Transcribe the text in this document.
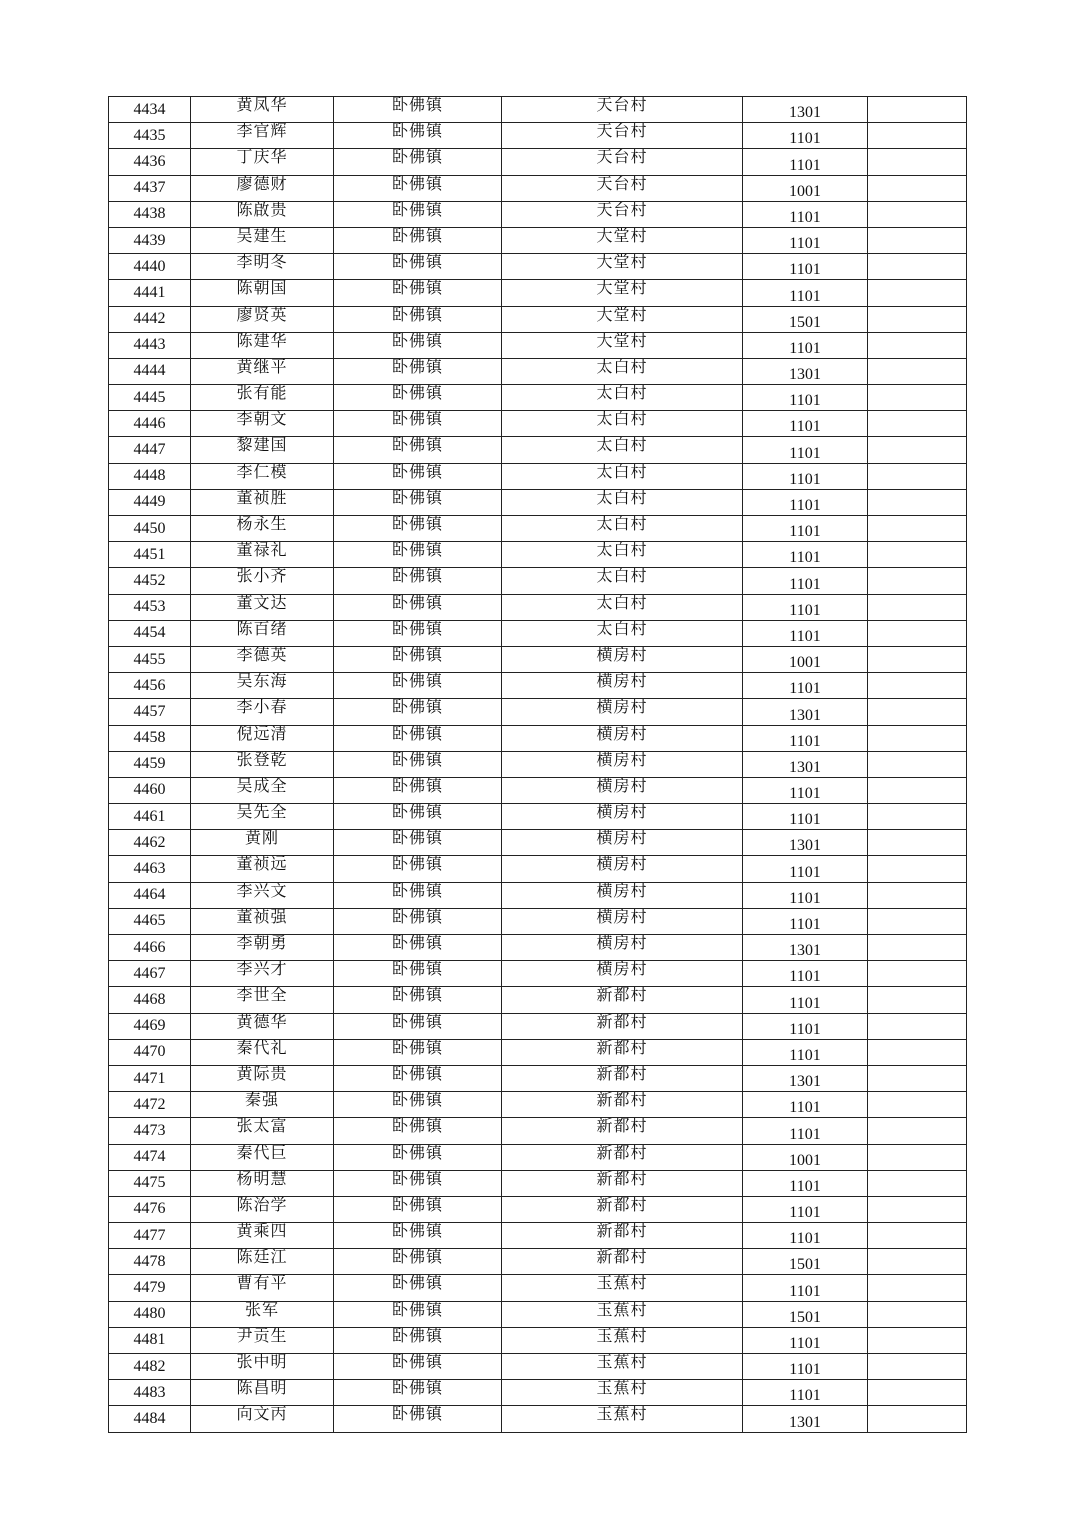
4434	黄凤华	卧佛镇	天台村	1301	
4435	李官辉	卧佛镇	天台村	1101	
4436	丁庆华	卧佛镇	天台村	1101	
4437	廖德财	卧佛镇	天台村	1001	
4438	陈啟贵	卧佛镇	天台村	1101	
4439	吴建生	卧佛镇	大堂村	1101	
4440	李明冬	卧佛镇	大堂村	1101	
4441	陈朝国	卧佛镇	大堂村	1101	
4442	廖贤英	卧佛镇	大堂村	1501	
4443	陈建华	卧佛镇	大堂村	1101	
4444	黄继平	卧佛镇	太白村	1301	
4445	张有能	卧佛镇	太白村	1101	
4446	李朝文	卧佛镇	太白村	1101	
4447	黎建国	卧佛镇	太白村	1101	
4448	李仁模	卧佛镇	太白村	1101	
4449	董祯胜	卧佛镇	太白村	1101	
4450	杨永生	卧佛镇	太白村	1101	
4451	董禄礼	卧佛镇	太白村	1101	
4452	张小齐	卧佛镇	太白村	1101	
4453	董文达	卧佛镇	太白村	1101	
4454	陈百绪	卧佛镇	太白村	1101	
4455	李德英	卧佛镇	横房村	1001	
4456	吴东海	卧佛镇	横房村	1101	
4457	李小春	卧佛镇	横房村	1301	
4458	倪远清	卧佛镇	横房村	1101	
4459	张登乾	卧佛镇	横房村	1301	
4460	吴成全	卧佛镇	横房村	1101	
4461	吴先全	卧佛镇	横房村	1101	
4462	黄刚	卧佛镇	横房村	1301	
4463	董祯远	卧佛镇	横房村	1101	
4464	李兴文	卧佛镇	横房村	1101	
4465	董祯强	卧佛镇	横房村	1101	
4466	李朝勇	卧佛镇	横房村	1301	
4467	李兴才	卧佛镇	横房村	1101	
4468	李世全	卧佛镇	新都村	1101	
4469	黄德华	卧佛镇	新都村	1101	
4470	秦代礼	卧佛镇	新都村	1101	
4471	黄际贵	卧佛镇	新都村	1301	
4472	秦强	卧佛镇	新都村	1101	
4473	张太富	卧佛镇	新都村	1101	
4474	秦代巨	卧佛镇	新都村	1001	
4475	杨明慧	卧佛镇	新都村	1101	
4476	陈治学	卧佛镇	新都村	1101	
4477	黄乘四	卧佛镇	新都村	1101	
4478	陈廷江	卧佛镇	新都村	1501	
4479	曹有平	卧佛镇	玉蕉村	1101	
4480	张军	卧佛镇	玉蕉村	1501	
4481	尹贡生	卧佛镇	玉蕉村	1101	
4482	张中明	卧佛镇	玉蕉村	1101	
4483	陈昌明	卧佛镇	玉蕉村	1101	
4484	向文丙	卧佛镇	玉蕉村	1301	
